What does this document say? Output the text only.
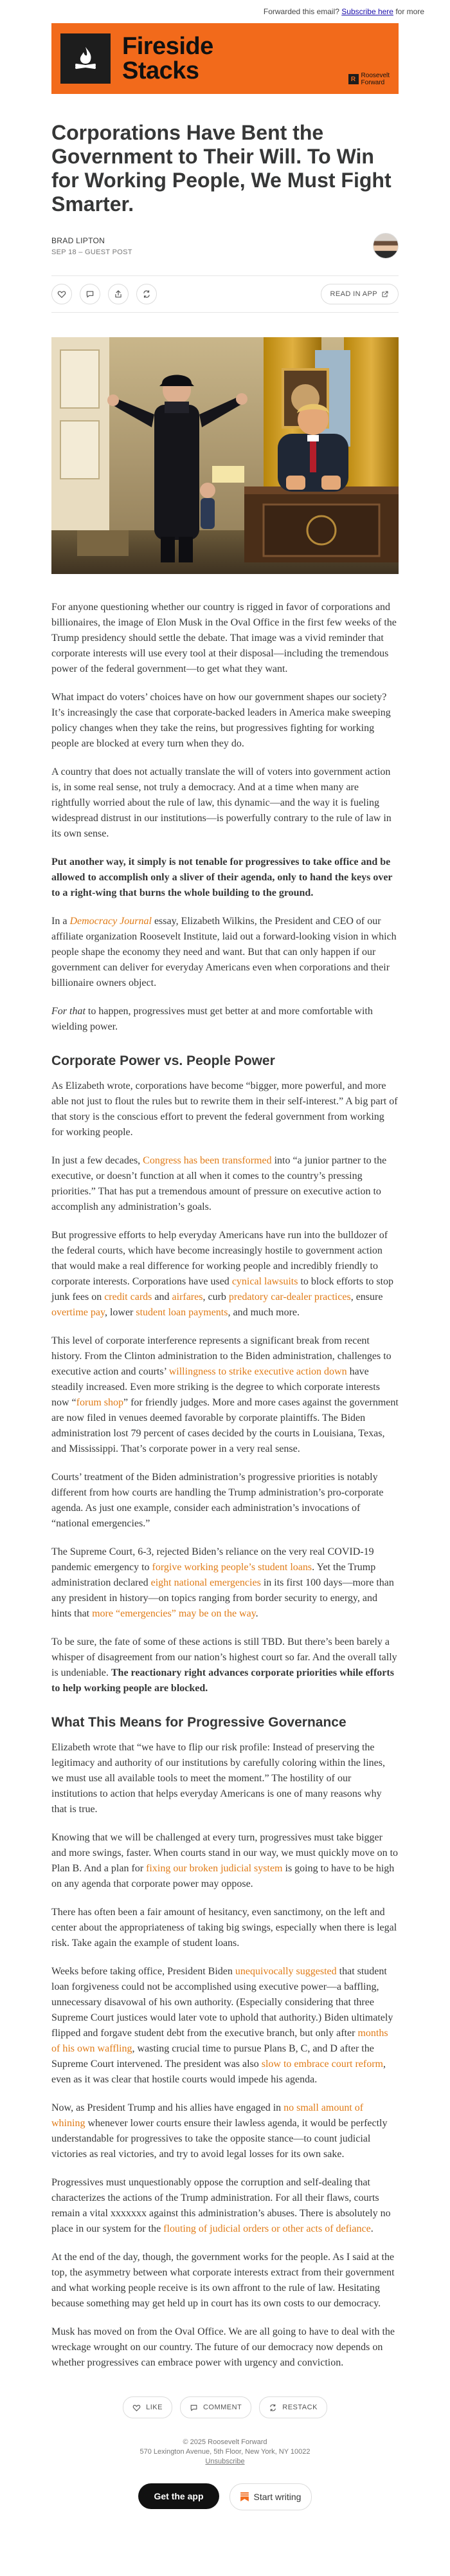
Forwarded this email? Subscribe here for more
Fireside
Stacks	R Roosevelt
Forward
Corporations Have Bent the Government to Their Will. To Win for Working People, We Must Fight Smarter.
BRAD LIPTON
SEP 18 – GUEST POST
READ IN APP

For anyone questioning whether our country is rigged in favor of corporations and billionaires, the image of Elon Musk in the Oval Office in the first few weeks of the Trump presidency should settle the debate. That image was a vivid reminder that corporate interests will use every tool at their disposal—including the tremendous power of the federal government—to get what they want.

What impact do voters’ choices have on how our government shapes our society? It’s increasingly the case that corporate-backed leaders in America make sweeping policy changes when they take the reins, but progressives fighting for working people are blocked at every turn when they do.

A country that does not actually translate the will of voters into government action is, in some real sense, not truly a democracy. And at a time when many are rightfully worried about the rule of law, this dynamic—and the way it is fueling widespread distrust in our institutions—is powerfully contrary to the rule of law in its own sense.

Put another way, it simply is not tenable for progressives to take office and be allowed to accomplish only a sliver of their agenda, only to hand the keys over to a right-wing that burns the whole building to the ground.

In a Democracy Journal essay, Elizabeth Wilkins, the President and CEO of our affiliate organization Roosevelt Institute, laid out a forward-looking vision in which people shape the economy they need and want. But that can only happen if our government can deliver for everyday Americans even when corporations and their billionaire owners object.

For that to happen, progressives must get better at and more comfortable with wielding power.

Corporate Power vs. People Power

As Elizabeth wrote, corporations have become “bigger, more powerful, and more able not just to flout the rules but to rewrite them in their self-interest.” A big part of that story is the conscious effort to prevent the federal government from working for working people.

In just a few decades, Congress has been transformed into “a junior partner to the executive, or doesn’t function at all when it comes to the country’s pressing priorities.” That has put a tremendous amount of pressure on executive action to accomplish any administration’s goals.

But progressive efforts to help everyday Americans have run into the bulldozer of the federal courts, which have become increasingly hostile to government action that would make a real difference for working people and incredibly friendly to corporate interests. Corporations have used cynical lawsuits to block efforts to stop junk fees on credit cards and airfares, curb predatory car-dealer practices, ensure overtime pay, lower student loan payments, and much more.

This level of corporate interference represents a significant break from recent history. From the Clinton administration to the Biden administration, challenges to executive action and courts’ willingness to strike executive action down have steadily increased. Even more striking is the degree to which corporate interests now “forum shop” for friendly judges. More and more cases against the government are now filed in venues deemed favorable by corporate plaintiffs. The Biden administration lost 79 percent of cases decided by the courts in Louisiana, Texas, and Mississippi. That’s corporate power in a very real sense.

Courts’ treatment of the Biden administration’s progressive priorities is notably different from how courts are handling the Trump administration’s pro-corporate agenda. As just one example, consider each administration’s invocations of “national emergencies.”

The Supreme Court, 6-3, rejected Biden’s reliance on the very real COVID-19 pandemic emergency to forgive working people’s student loans. Yet the Trump administration declared eight national emergencies in its first 100 days—more than any president in history—on topics ranging from border security to energy, and hints that more “emergencies” may be on the way.

To be sure, the fate of some of these actions is still TBD. But there’s been barely a whisper of disagreement from our nation’s highest court so far. And the overall tally is undeniable. The reactionary right advances corporate priorities while efforts to help working people are blocked.

What This Means for Progressive Governance

Elizabeth wrote that “we have to flip our risk profile: Instead of preserving the legitimacy and authority of our institutions by carefully coloring within the lines, we must use all available tools to meet the moment.” The hostility of our institutions to action that helps everyday Americans is one of many reasons why that is true.

Knowing that we will be challenged at every turn, progressives must take bigger and more swings, faster. When courts stand in our way, we must quickly move on to Plan B. And a plan for fixing our broken judicial system is going to have to be high on any agenda that corporate power may oppose.

There has often been a fair amount of hesitancy, even sanctimony, on the left and center about the appropriateness of taking big swings, especially when there is legal risk. Take again the example of student loans.

Weeks before taking office, President Biden unequivocally suggested that student loan forgiveness could not be accomplished using executive power—a baffling, unnecessary disavowal of his own authority. (Especially considering that three Supreme Court justices would later vote to uphold that authority.) Biden ultimately flipped and forgave student debt from the executive branch, but only after months of his own waffling, wasting crucial time to pursue Plans B, C, and D after the Supreme Court intervened. The president was also slow to embrace court reform, even as it was clear that hostile courts would impede his agenda.

Now, as President Trump and his allies have engaged in no small amount of whining whenever lower courts ensure their lawless agenda, it would be perfectly understandable for progressives to take the opposite stance—to count judicial victories as real victories, and try to avoid legal losses for its own sake.

Progressives must unquestionably oppose the corruption and self-dealing that characterizes the actions of the Trump administration. For all their flaws, courts remain a vital xxxxxxx against this administration’s abuses. There is absolutely no place in our system for the flouting of judicial orders or other acts of defiance.

At the end of the day, though, the government works for the people. As I said at the top, the asymmetry between what corporate interests extract from their government and what working people receive is its own affront to the rule of law. Hesitating because something may get held up in court has its own costs to our democracy.

Musk has moved on from the Oval Office. We are all going to have to deal with the wreckage wrought on our country. The future of our democracy now depends on whether progressives can embrace power with urgency and conviction.

LIKE	COMMENT	RESTACK
© 2025 Roosevelt Forward
570 Lexington Avenue, 5th Floor, New York, NY 10022
Unsubscribe
Get the app	Start writing
